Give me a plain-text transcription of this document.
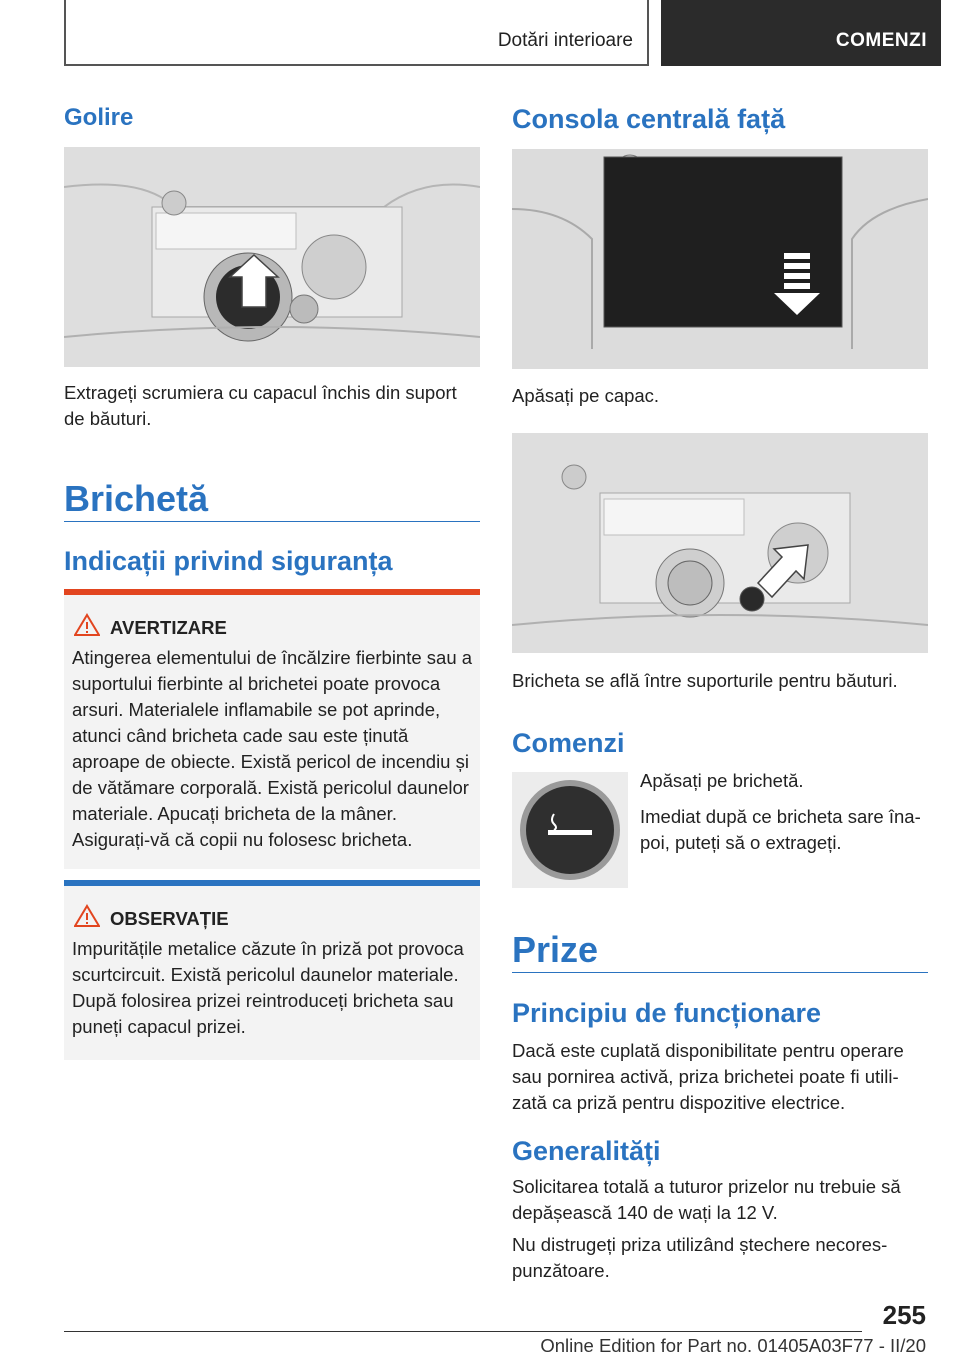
Dotări interioare	COMENZI
Golire
Extrageți scrumiera cu capacul închis din suport de băuturi.
Brichetă
Indicații privind siguranța
AVERTIZARE
Atingerea elementului de încălzire fierbinte sau a suportului fierbinte al brichetei poate provoca arsuri. Materialele inflamabile se pot aprinde, atunci când bricheta cade sau este ținută aproape de obiecte. Există pericol de incendiu și de vătămare corporală. Există pericolul daunelor materiale. Apucați bricheta de la mâner. Asigurați-vă că copii nu folosesc bricheta.
OBSERVAȚIE
Impuritățile metalice căzute în priză pot provoca scurtcircuit. Există pericolul daunelor materiale. După folosirea prizei reintroduceți bricheta sau puneți capacul prizei.
Consola centrală față
Apăsați pe capac.
Bricheta se află între suporturile pentru băuturi.
Comenzi
Apăsați pe brichetă.
Imediat după ce bricheta sare îna-poi, puteți să o extrageți.
Prize
Principiu de funcționare
Dacă este cuplată disponibilitate pentru operare sau pornirea activă, priza brichetei poate fi utili-zată ca priză pentru dispozitive electrice.
Generalități
Solicitarea totală a tuturor prizelor nu trebuie să depășească 140 de wați la 12 V.
Nu distrugeți priza utilizând ștechere necores-punzătoare.
255
Online Edition for Part no. 01405A03F77 - II/20
